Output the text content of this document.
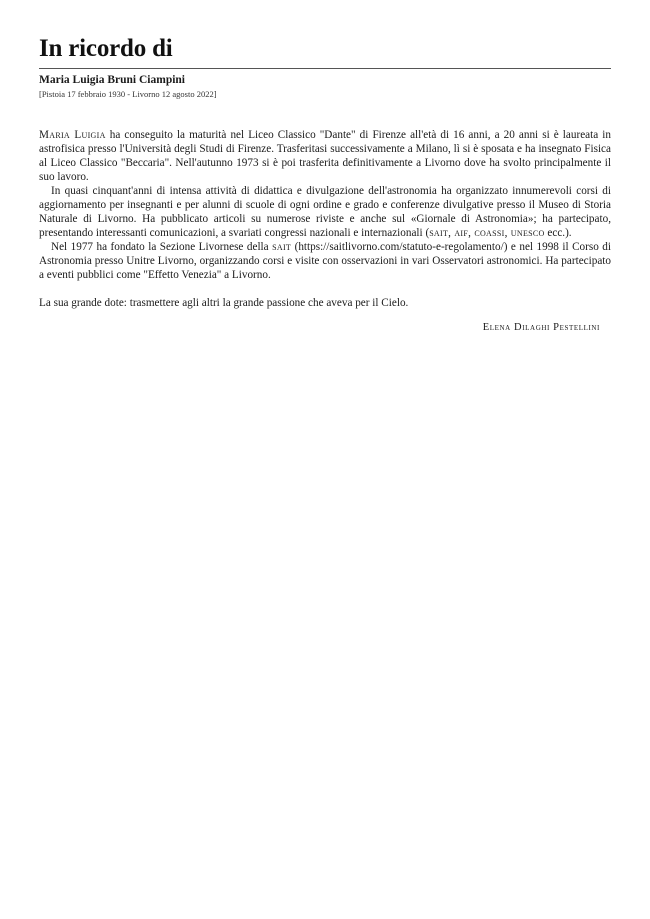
In ricordo di
Maria Luigia Bruni Ciampini
[Pistoia 17 febbraio 1930 - Livorno 12 agosto 2022]

Maria Luigia ha conseguito la maturità nel Liceo Classico "Dante" di Firenze all'età di 16 anni, a 20 anni si è laureata in astrofisica presso l'Università degli Studi di Firenze. Trasferitasi successivamente a Milano, lì si è sposata e ha insegnato Fisica al Liceo Classico "Beccaria". Nell'autunno 1973 si è poi trasferita definitivamente a Livorno dove ha svolto principalmente il suo lavoro.

In quasi cinquant'anni di intensa attività di didattica e divulgazione dell'astronomia ha organizzato innumerevoli corsi di aggiornamento per insegnanti e per alunni di scuole di ogni ordine e grado e conferenze divulgative presso il Museo di Storia Naturale di Livorno. Ha pubblicato articoli su numerose riviste e anche sul «Giornale di Astronomia»; ha partecipato, presentando interessanti comunicazioni, a svariati congressi nazionali e internazionali (sait, aif, coassi, unesco ecc.).

Nel 1977 ha fondato la Sezione Livornese della sait (https://saitlivorno.com/statuto-e-regolamento/) e nel 1998 il Corso di Astronomia presso Unitre Livorno, organizzando corsi e visite con osservazioni in vari Osservatori astronomici. Ha partecipato a eventi pubblici come "Effetto Venezia" a Livorno.

La sua grande dote: trasmettere agli altri la grande passione che aveva per il Cielo.
Elena Dilaghi Pestellini
